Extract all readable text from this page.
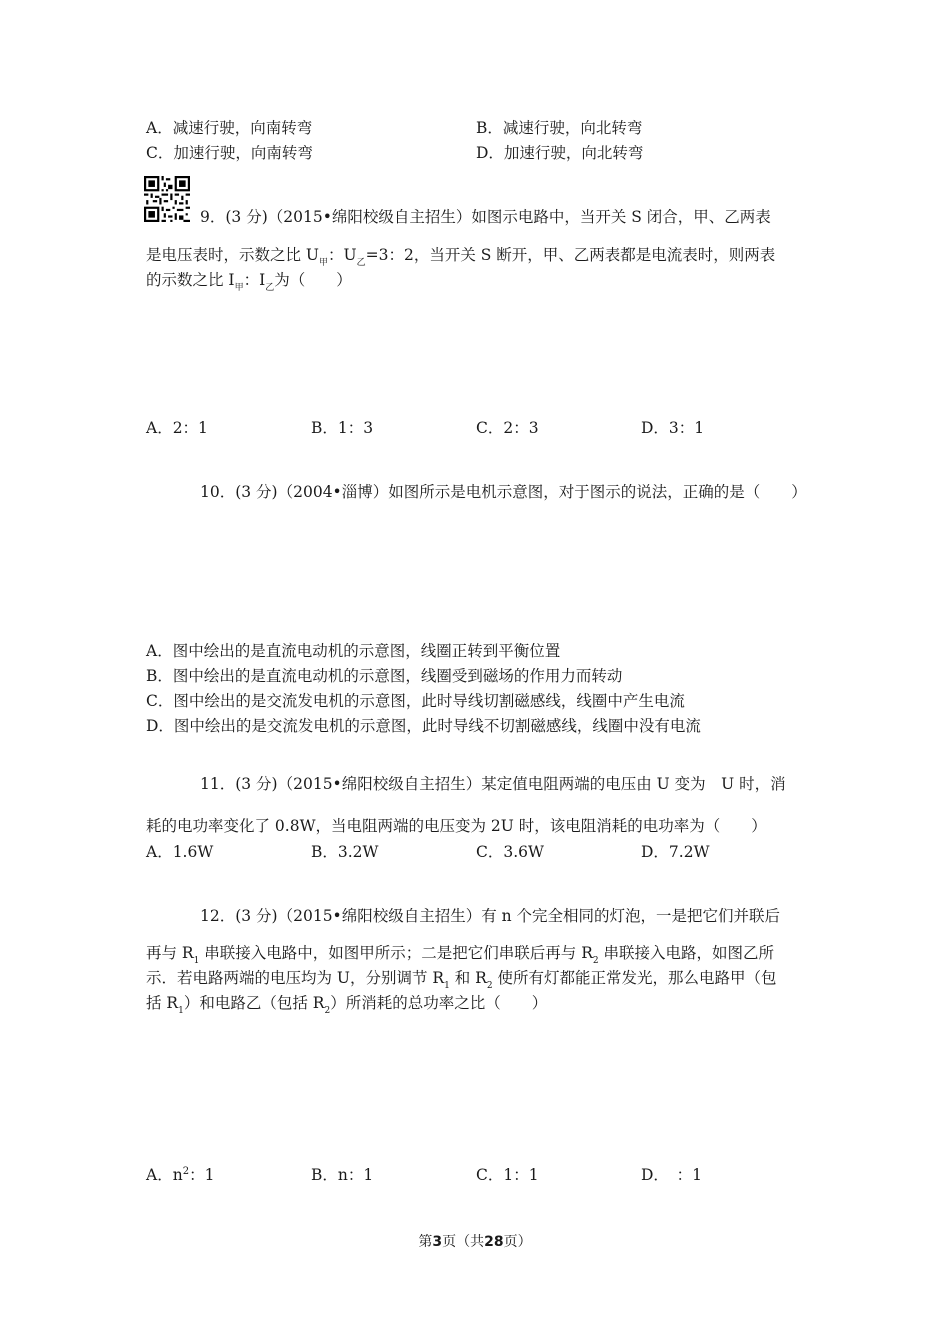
A．减速行驶，向南转弯	B．减速行驶，向北转弯
C．加速行驶，向南转弯	D．加速行驶，向北转弯
9．(3 分)（2015•绵阳校级自主招生）如图示电路中，当开关 S 闭合，甲、乙两表
是电压表时，示数之比 $U_甲$：$U_乙=3$：2，当开关 S 断开，甲、乙两表都是电流表时，则两表
的示数之比 $I_甲$：$I_乙$为（　　）
A．2：1	B．1：3	C．2：3	D．3：1
10．(3 分)（2004•淄博）如图所示是电机示意图，对于图示的说法，正确的是（　　）
A．图中绘出的是直流电动机的示意图，线圈正转到平衡位置
B．图中绘出的是直流电动机的示意图，线圈受到磁场的作用力而转动
C．图中绘出的是交流发电机的示意图，此时导线切割磁感线，线圈中产生电流
D．图中绘出的是交流发电机的示意图，此时导线不切割磁感线，线圈中没有电流
11．(3 分)（2015•绵阳校级自主招生）某定值电阻两端的电压由 U 变为　U 时，消
耗的电功率变化了 0.8W，当电阻两端的电压变为 2U 时，该电阻消耗的电功率为（　　）
A．1.6W	B．3.2W	C．3.6W	D．7.2W
12．(3 分)（2015•绵阳校级自主招生）有 n 个完全相同的灯泡，一是把它们并联后
再与 $R_1$ 串联接入电路中，如图甲所示；二是把它们串联后再与 $R_2$ 串联接入电路，如图乙所
示．若电路两端的电压均为 U，分别调节 $R_1$ 和 $R_2$ 使所有灯都能正常发光，那么电路甲（包
括 $R_1$）和电路乙（包括 $R_2$）所消耗的总功率之比（　　）
A．$n^2$：1	B．n：1	C．1：1	D．　：1
第3页（共28页）
